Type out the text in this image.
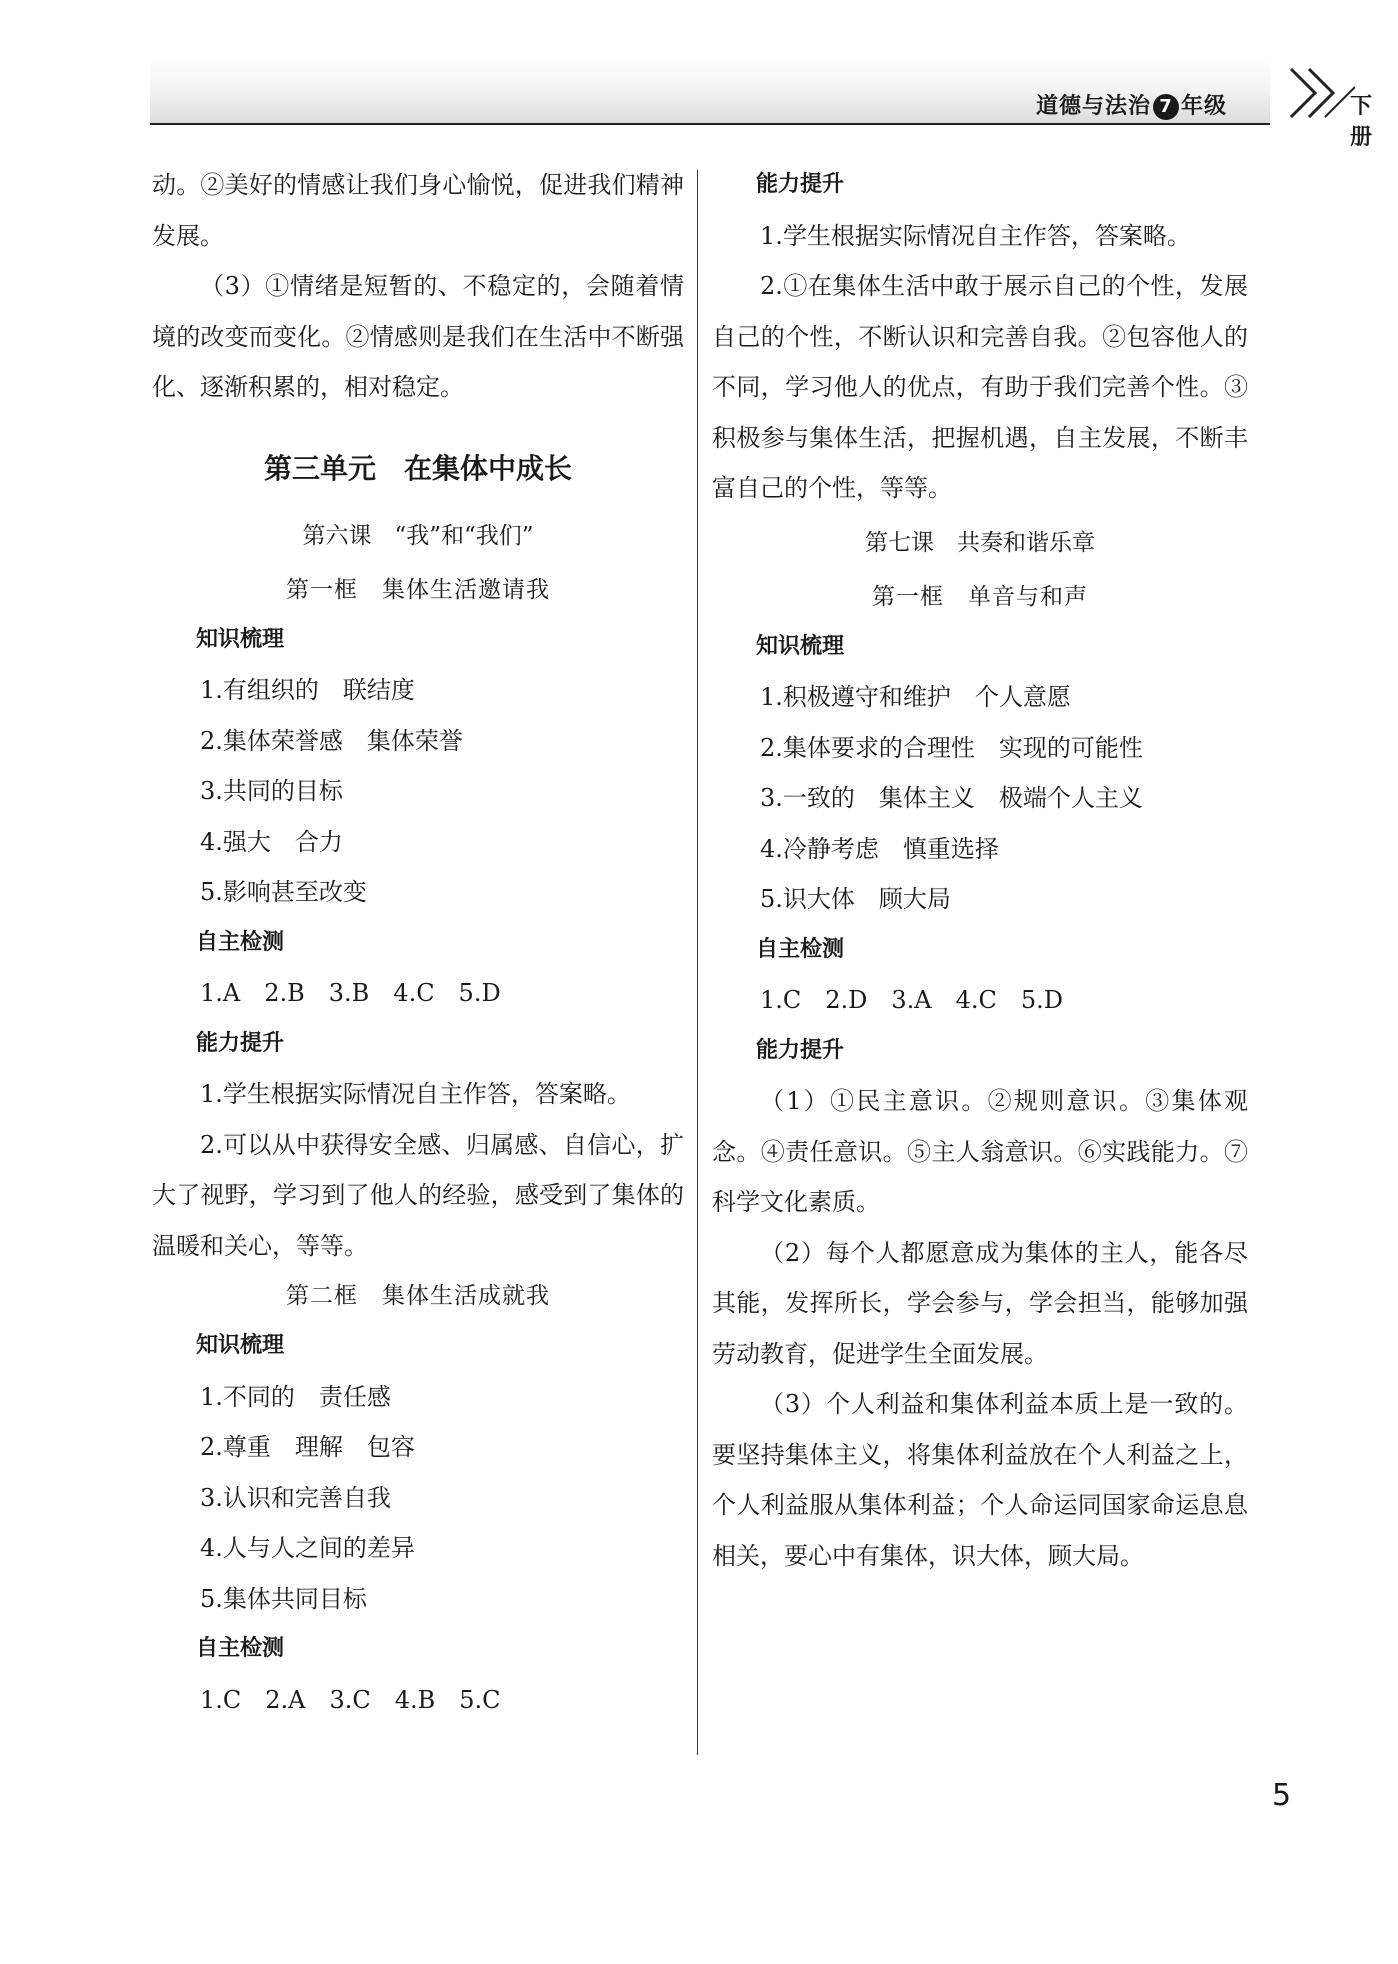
道德与法治 7 年级	下册

动。②美好的情感让我们身心愉悦，促进我们精神发展。

（3）①情绪是短暂的、不稳定的，会随着情境的改变而变化。②情感则是我们在生活中不断强化、逐渐积累的，相对稳定。

第三单元　在集体中成长
第六课　“我”和“我们”
第一框　集体生活邀请我
知识梳理
1.有组织的　联结度
2.集体荣誉感　集体荣誉
3.共同的目标
4.强大　合力
5.影响甚至改变
自主检测
1.A　2.B　3.B　4.C　5.D
能力提升

1.学生根据实际情况自主作答，答案略。

2.可以从中获得安全感、归属感、自信心，扩大了视野，学习到了他人的经验，感受到了集体的温暖和关心，等等。

第二框　集体生活成就我
知识梳理
1.不同的　责任感
2.尊重　理解　包容
3.认识和完善自我
4.人与人之间的差异
5.集体共同目标
自主检测
1.C　2.A　3.C　4.B　5.C
能力提升

1.学生根据实际情况自主作答，答案略。

2.①在集体生活中敢于展示自己的个性，发展自己的个性，不断认识和完善自我。②包容他人的不同，学习他人的优点，有助于我们完善个性。③积极参与集体生活，把握机遇，自主发展，不断丰富自己的个性，等等。

第七课　共奏和谐乐章
第一框　单音与和声
知识梳理
1.积极遵守和维护　个人意愿
2.集体要求的合理性　实现的可能性
3.一致的　集体主义　极端个人主义
4.冷静考虑　慎重选择
5.识大体　顾大局
自主检测
1.C　2.D　3.A　4.C　5.D
能力提升

（1）①民主意识。②规则意识。③集体观念。④责任意识。⑤主人翁意识。⑥实践能力。⑦科学文化素质。

（2）每个人都愿意成为集体的主人，能各尽其能，发挥所长，学会参与，学会担当，能够加强劳动教育，促进学生全面发展。

（3）个人利益和集体利益本质上是一致的。要坚持集体主义，将集体利益放在个人利益之上，个人利益服从集体利益；个人命运同国家命运息息相关，要心中有集体，识大体，顾大局。

5
